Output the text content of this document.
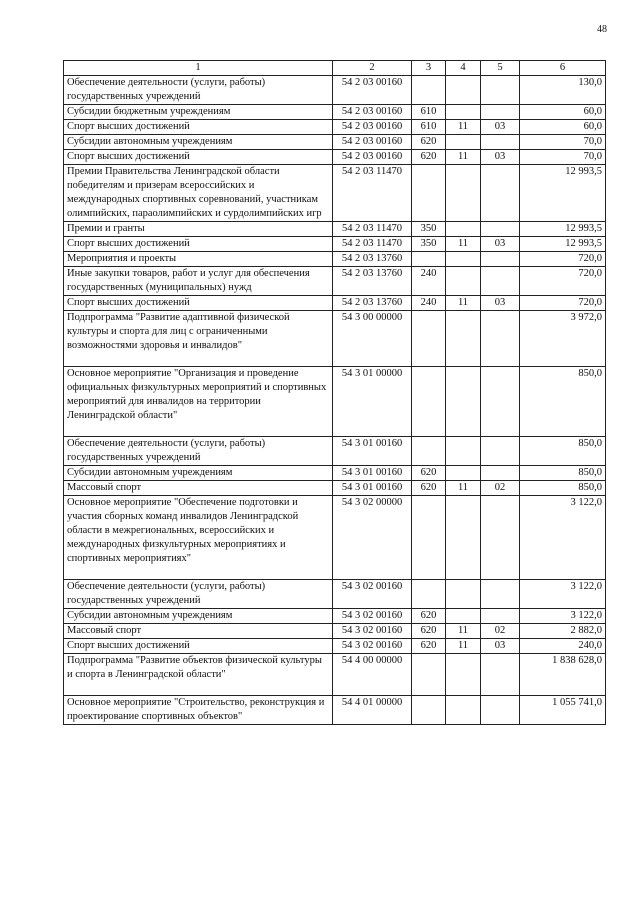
48
1	2	3	4	5	6
Обеспечение деятельности (услуги, работы) государственных учреждений	54 2 03 00160				130,0
Субсидии бюджетным учреждениям	54 2 03 00160	610			60,0
Спорт высших достижений	54 2 03 00160	610	11	03	60,0
Субсидии автономным учреждениям	54 2 03 00160	620			70,0
Спорт высших достижений	54 2 03 00160	620	11	03	70,0
Премии Правительства Ленинградской области победителям и призерам всероссийских и международных спортивных соревнований, участникам олимпийских, параолимпийских и сурдолимпийских игр	54 2 03 11470				12 993,5
Премии и гранты	54 2 03 11470	350			12 993,5
Спорт высших достижений	54 2 03 11470	350	11	03	12 993,5
Мероприятия и проекты	54 2 03 13760				720,0
Иные закупки товаров, работ и услуг для обеспечения государственных (муниципальных) нужд	54 2 03 13760	240			720,0
Спорт высших достижений	54 2 03 13760	240	11	03	720,0
Подпрограмма "Развитие адаптивной физической культуры и спорта для лиц с ограниченными возможностями здоровья и инвалидов"	54 3 00 00000				3 972,0
Основное мероприятие "Организация и проведение официальных физкультурных мероприятий и спортивных мероприятий для инвалидов на территории Ленинградской области"	54 3 01 00000				850,0
Обеспечение деятельности (услуги, работы) государственных учреждений	54 3 01 00160				850,0
Субсидии автономным учреждениям	54 3 01 00160	620			850,0
Массовый спорт	54 3 01 00160	620	11	02	850,0
Основное мероприятие "Обеспечение подготовки и участия сборных команд инвалидов Ленинградской области в межрегиональных, всероссийских и международных физкультурных мероприятиях и спортивных мероприятиях"	54 3 02 00000				3 122,0
Обеспечение деятельности (услуги, работы) государственных учреждений	54 3 02 00160				3 122,0
Субсидии автономным учреждениям	54 3 02 00160	620			3 122,0
Массовый спорт	54 3 02 00160	620	11	02	2 882,0
Спорт высших достижений	54 3 02 00160	620	11	03	240,0
Подпрограмма "Развитие объектов физической культуры и спорта в Ленинградской области"	54 4 00 00000				1 838 628,0
Основное мероприятие "Строительство, реконструкция и проектирование спортивных объектов"	54 4 01 00000				1 055 741,0
